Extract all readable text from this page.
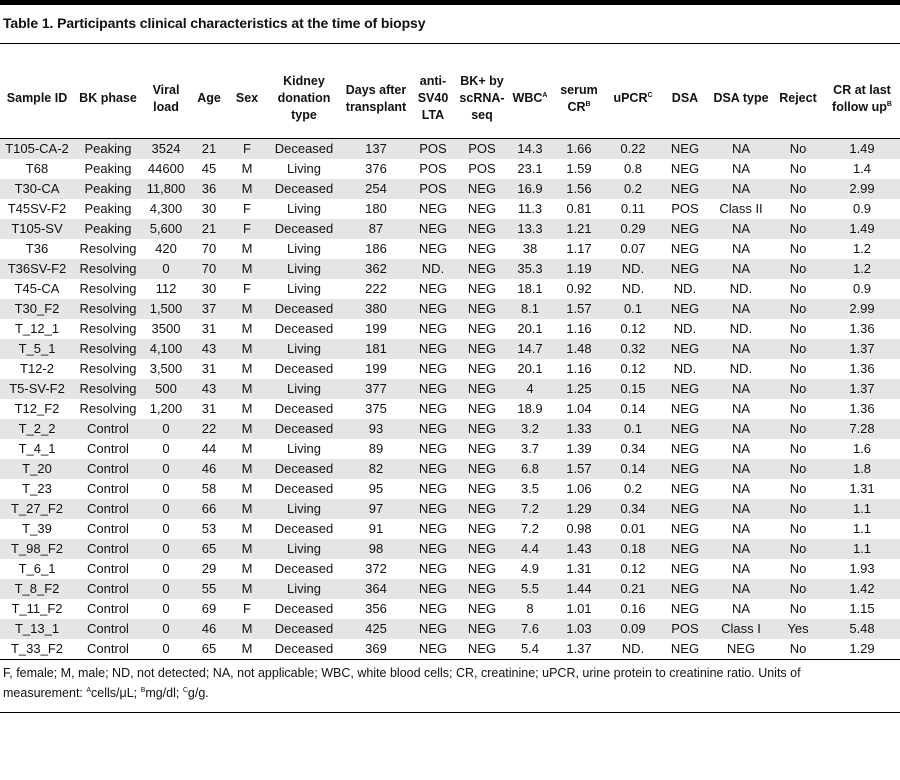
Table 1. Participants clinical characteristics at the time of biopsy
Sample ID	BK phase	Viral load	Age	Sex	Kidney donation type	Days after transplant	anti-SV40 LTA	BK+ by scRNA-seq	$WBC^A$	serum $CR^B$	uPCR$^C$	DSA	DSA type	Reject	CR at last follow $up^B$
T105-CA-2	Peaking	3524	21	F	Deceased	137	POS	POS	14.3	1.66	0.22	NEG	NA	No	1.49
T68	Peaking	44600	45	M	Living	376	POS	POS	23.1	1.59	0.8	NEG	NA	No	1.4
T30-CA	Peaking	11,800	36	M	Deceased	254	POS	NEG	16.9	1.56	0.2	NEG	NA	No	2.99
T45SV-F2	Peaking	4,300	30	F	Living	180	NEG	NEG	11.3	0.81	0.11	POS	Class II	No	0.9
T105-SV	Peaking	5,600	21	F	Deceased	87	NEG	NEG	13.3	1.21	0.29	NEG	NA	No	1.49
T36	Resolving	420	70	M	Living	186	NEG	NEG	38	1.17	0.07	NEG	NA	No	1.2
T36SV-F2	Resolving	0	70	M	Living	362	ND.	NEG	35.3	1.19	ND.	NEG	NA	No	1.2
T45-CA	Resolving	112	30	F	Living	222	NEG	NEG	18.1	0.92	ND.	ND.	ND.	No	0.9
T30_F2	Resolving	1,500	37	M	Deceased	380	NEG	NEG	8.1	1.57	0.1	NEG	NA	No	2.99
T_12_1	Resolving	3500	31	M	Deceased	199	NEG	NEG	20.1	1.16	0.12	ND.	ND.	No	1.36
T_5_1	Resolving	4,100	43	M	Living	181	NEG	NEG	14.7	1.48	0.32	NEG	NA	No	1.37
T12-2	Resolving	3,500	31	M	Deceased	199	NEG	NEG	20.1	1.16	0.12	ND.	ND.	No	1.36
T5-SV-F2	Resolving	500	43	M	Living	377	NEG	NEG	4	1.25	0.15	NEG	NA	No	1.37
T12_F2	Resolving	1,200	31	M	Deceased	375	NEG	NEG	18.9	1.04	0.14	NEG	NA	No	1.36
T_2_2	Control	0	22	M	Deceased	93	NEG	NEG	3.2	1.33	0.1	NEG	NA	No	7.28
T_4_1	Control	0	44	M	Living	89	NEG	NEG	3.7	1.39	0.34	NEG	NA	No	1.6
T_20	Control	0	46	M	Deceased	82	NEG	NEG	6.8	1.57	0.14	NEG	NA	No	1.8
T_23	Control	0	58	M	Deceased	95	NEG	NEG	3.5	1.06	0.2	NEG	NA	No	1.31
T_27_F2	Control	0	66	M	Living	97	NEG	NEG	7.2	1.29	0.34	NEG	NA	No	1.1
T_39	Control	0	53	M	Deceased	91	NEG	NEG	7.2	0.98	0.01	NEG	NA	No	1.1
T_98_F2	Control	0	65	M	Living	98	NEG	NEG	4.4	1.43	0.18	NEG	NA	No	1.1
T_6_1	Control	0	29	M	Deceased	372	NEG	NEG	4.9	1.31	0.12	NEG	NA	No	1.93
T_8_F2	Control	0	55	M	Living	364	NEG	NEG	5.5	1.44	0.21	NEG	NA	No	1.42
T_11_F2	Control	0	69	F	Deceased	356	NEG	NEG	8	1.01	0.16	NEG	NA	No	1.15
T_13_1	Control	0	46	M	Deceased	425	NEG	NEG	7.6	1.03	0.09	POS	Class I	Yes	5.48
T_33_F2	Control	0	65	M	Deceased	369	NEG	NEG	5.4	1.37	ND.	NEG	NEG	No	1.29
F, female; M, male; ND, not detected; NA, not applicable; WBC, white blood cells; CR, creatinine; uPCR, urine protein to creatinine ratio. Units of measurement: $^A$cells/μL; $^B$mg/dl; $^C$g/g.
